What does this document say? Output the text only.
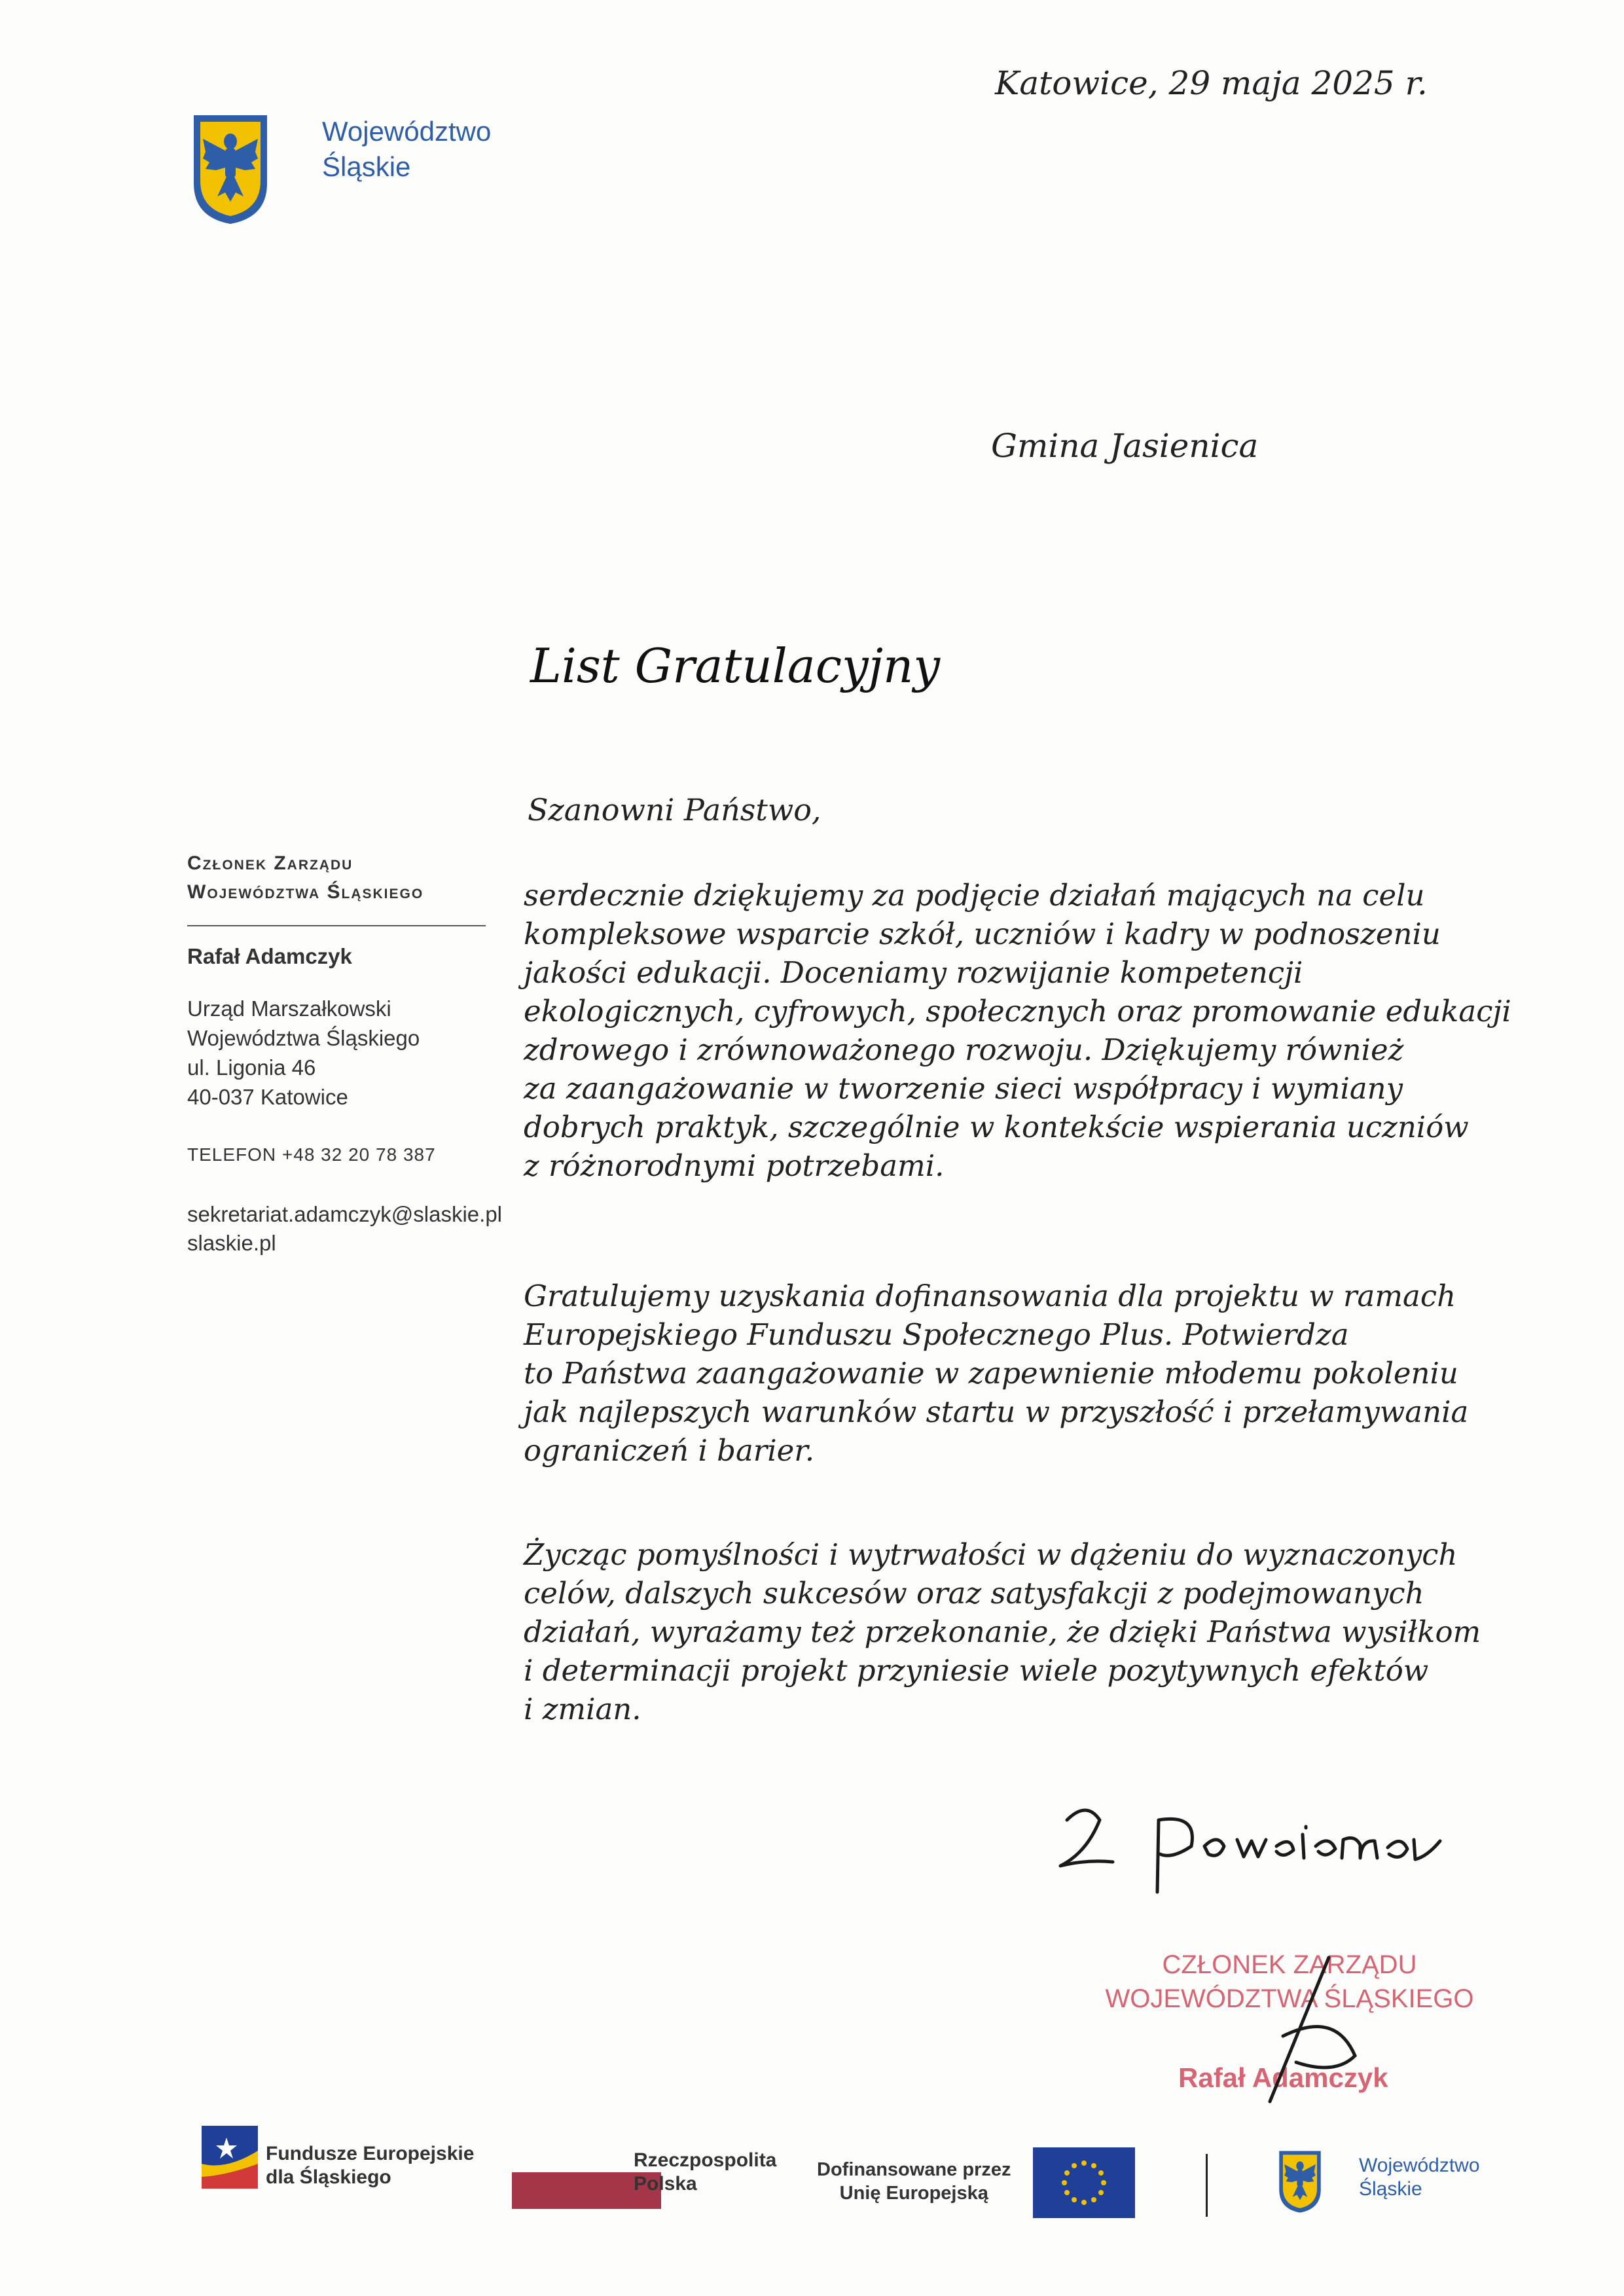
Województwo
Śląskie
Katowice, 29 maja 2025 r.
Gmina Jasienica
List Gratulacyjny
Członek Zarządu
Województwa Śląskiego
Rafał Adamczyk
Urząd Marszałkowski
Województwa Śląskiego
ul. Ligonia 46
40-037 Katowice
TELEFON +48 32 20 78 387
sekretariat.adamczyk@slaskie.pl
slaskie.pl
Szanowni Państwo,
serdecznie dziękujemy za podjęcie działań mających na celu
kompleksowe wsparcie szkół, uczniów i kadry w podnoszeniu
jakości edukacji. Doceniamy rozwijanie kompetencji
ekologicznych, cyfrowych, społecznych oraz promowanie edukacji
zdrowego i zrównoważonego rozwoju. Dziękujemy również
za zaangażowanie w tworzenie sieci współpracy i wymiany
dobrych praktyk, szczególnie w kontekście wspierania uczniów
z różnorodnymi potrzebami.
Gratulujemy uzyskania dofinansowania dla projektu w ramach
Europejskiego Funduszu Społecznego Plus. Potwierdza
to Państwa zaangażowanie w zapewnienie młodemu pokoleniu
jak najlepszych warunków startu w przyszłość i przełamywania
ograniczeń i barier.
Życząc pomyślności i wytrwałości w dążeniu do wyznaczonych
celów, dalszych sukcesów oraz satysfakcji z podejmowanych
działań, wyrażamy też przekonanie, że dzięki Państwa wysiłkom
i determinacji projekt przyniesie wiele pozytywnych efektów
i zmian.
CZŁONEK ZARZĄDU
WOJEWÓDZTWA ŚLĄSKIEGO
Rafał Adamczyk
Fundusze Europejskie
dla Śląskiego
Rzeczpospolita
Polska
Dofinansowane przez
Unię Europejską
Województwo
Śląskie
